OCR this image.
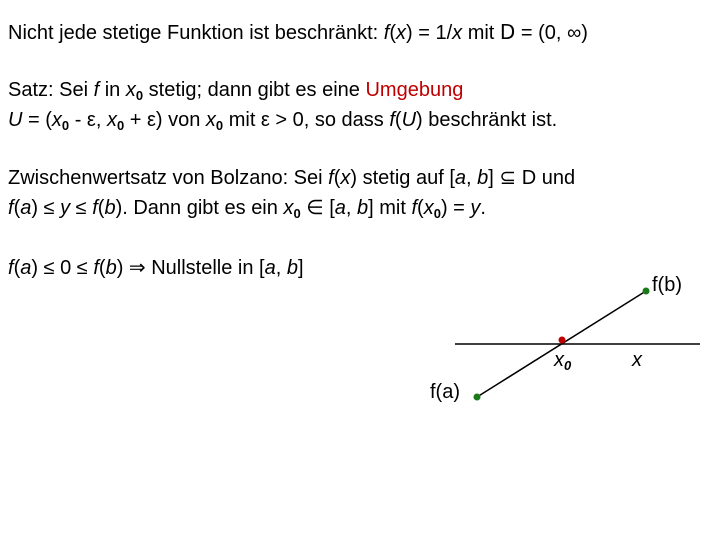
Nicht jede stetige Funktion ist beschränkt: f(x) = 1/x mit D = (0, ∞)
Satz: Sei f in $x_0$ stetig; dann gibt es eine Umgebung
$U = (x_0 - \varepsilon$, $x_0 + \varepsilon$) von $x_0$ mit ε > 0, so dass f(U) beschränkt ist.
Zwischenwertsatz von Bolzano: Sei f(x) stetig auf [a, b] ⊆ D und
f(a) ≤ y ≤ f(b). Dann gibt es ein $x_0$ ∈ [a, b] mit $f(x_0) = y$.
f(a) ≤ 0 ≤ f(b) ⇒ Nullstelle in [a, b]
f(b)
$x_0$	x
f(a)
